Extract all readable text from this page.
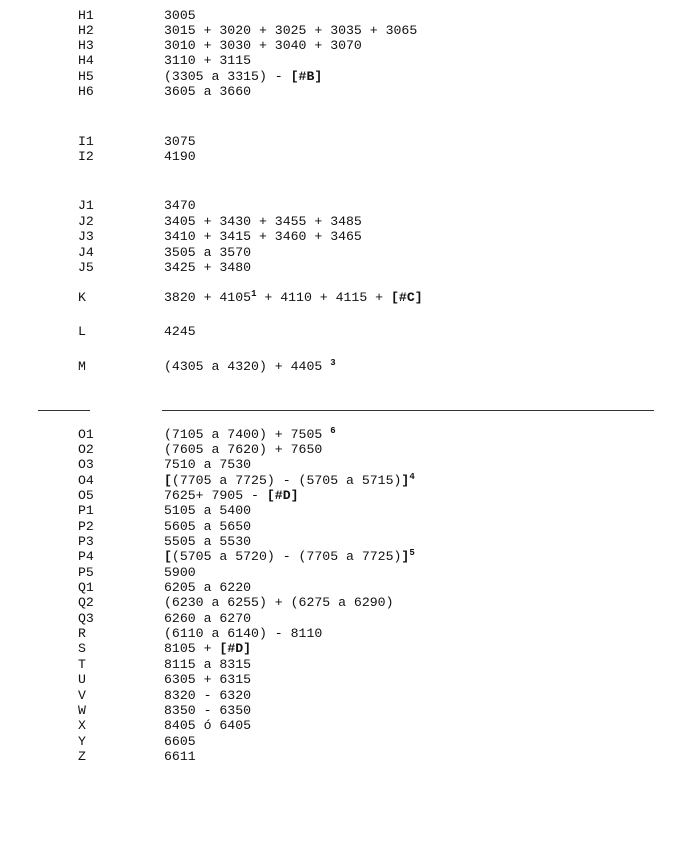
H1	3005
H2	3015 + 3020 + 3025 + 3035 + 3065
H3	3010 + 3030 + 3040 + 3070
H4	3110 + 3115
H5	(3305 a 3315) - [#B]
H6	3605 a 3660
I1	3075
I2	4190
J1	3470
J2	3405 + 3430 + 3455 + 3485
J3	3410 + 3415 + 3460 + 3465
J4	3505 a 3570
J5	3425 + 3480
K	$3820 + 4105^1 + 4110 + 4115$ + [#C]
L	4245
M	(4305 a 4320) + 4405 $^3$
O1	(7105 a 7400) + 7505 $^6$
O2	(7605 a 7620) + 7650
O3	7510 a 7530
O4	[(7705 a 7725) - (5705 a 5715)]$^4$
O5	7625+ 7905 - [#D]
P1	5105 a 5400
P2	5605 a 5650
P3	5505 a 5530
P4	[(5705 a 5720) - (7705 a 7725)]$^5$
P5	5900
Q1	6205 a 6220
Q2	(6230 a 6255) + (6275 a 6290)
Q3	6260 a 6270
R	(6110 a 6140) - 8110
S	8105 + [#D]
T	8115 a 8315
U	6305 + 6315
V	8320 - 6320
W	8350 - 6350
X	8405 ó 6405
Y	6605
Z	6611
